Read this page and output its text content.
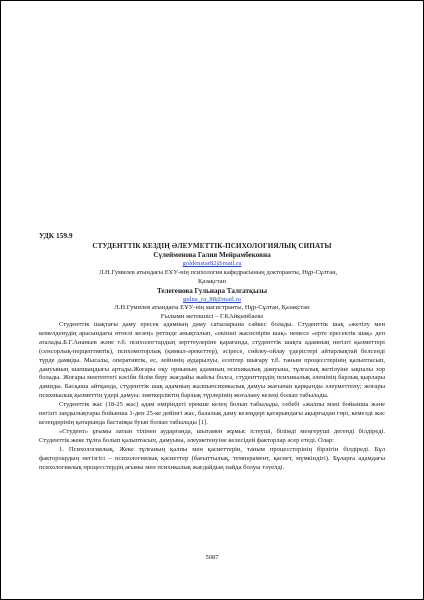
УДК 159.9
СТУДЕНТТІК КЕЗДІҢ ӘЛЕУМЕТТІК-ПСИХОЛОГИЯЛЫҚ СИПАТЫ
Сүлейменова Галия Мейрамбековна
goldenstar82@mail.ru
Л.Н.Гумилев атындағы ЕҰУ-нің психология кафедрасының докторанты, Нұр-Сұлтан,
Қазақстан
Телегенова Гульнара Талгатқызы
gulna_ra_88@mail.ru
Л.Н.Гумилев атындағы ЕҰУ-нің магистранты, Нұр-Сұлтан, Қазақстан
Ғылыми жетекшісі – Г.КАйқынбаева

Студенттік шақтағы даму ересек адамның даму сатыларына сәйкес болады. Студенттік шақ «жетілу мен кемелденудің арасындағы өтпелі кезең» ретінде анықталып, «екінші жасөспірім шақ» немесе «ерте ересектік шақ» деп аталады.Б.Г.Ананьев және т.б. психологтардың зерттеулеріне қарағанда, студенттік шақта адамның негізгі қызметтері (сенсорлық-перцептивтік), психомоторлық (қимыл-әрекеттер), әсіресе, сөйлеу-ойлау үдерістері айтарлықтай белсенді түрде дамиды. Мысалы, оперативтік, ес, зейіннің аударылуы, есептер шығару т.б. таным процесстерінің қалыптасып, дамуының шапшаңдығы артады.Жоғары оқу орнының адамның психикалық дамуына, тұлғалық жетілуіне ықпалы зор болады. Жоғары мектептегі кәсіби білім беру жағдайы жайлы болса, студенттердің психикалық әлемінің барлық қырлары дамиды. Басқаша айтқанда, студенттік шақ адамның жалпыпсихикалық дамуы жағынан қарқынды әлеуметтену; жоғары психикалық қызметтің үдері дамуы: зияткерліктің барлық түрлерінің жоғалану кезеңі болып табылады.

Студенттік жас (18-25 жас) адам өмiрiндегi ерекше кезең болып табылады, себебі «жалпы мәні бойынша және негізгі заңдылықтары бойынша 1-ден 25-ке дейінгі жас, балалық даму кезеңдері қатарындағы ақырғыдан гөрі, кемелді жас кезеңдерінің қатарында бастапқы буын болып табылады [1].

«Студент» ұғымы латын тілінен аударғанда, шытамен жұмыс істеуші, білімді меңгеруші дегенді білдіреді. Студенттік жеке тұлға болып қалыптасып, дамуына, әлеуметенуіне келесідей факторлар әсер етеді. Олар:

1. Психологиялық. Жеке тұлғаның қалпы мен қасиеттерін, таным процесстерінің бірлігін білдіреді. Бұл факторлардың негізгісі – психологиялық қасиеттер (бағыттылық, темперамент, қасиет, мүмкіндігі). Бұларға адамдағы психологиялық процесстердің ағымы мен психикалық жағдайдың пайда болуы тәуелді.

5087
